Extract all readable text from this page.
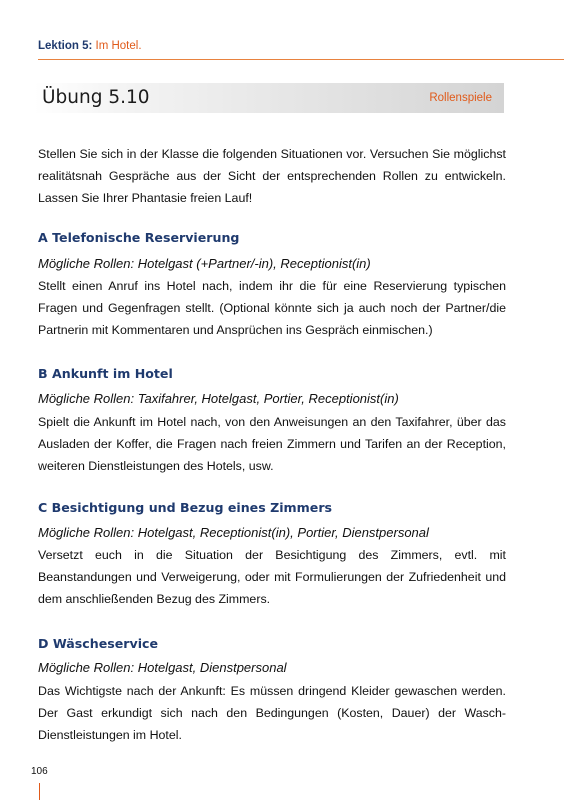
Lektion 5: Im Hotel.
Übung 5.10	Rollenspiele

Stellen Sie sich in der Klasse die folgenden Situationen vor. Versuchen Sie möglichst realitätsnah Gespräche aus der Sicht der entsprechenden Rollen zu entwickeln. Lassen Sie Ihrer Phantasie freien Lauf!

A Telefonische Reservierung

Mögliche Rollen: Hotelgast (+Partner/-in), Receptionist(in)

Stellt einen Anruf ins Hotel nach, indem ihr die für eine Reservierung typischen Fragen und Gegenfragen stellt. (Optional könnte sich ja auch noch der Partner/die Partnerin mit Kommentaren und Ansprüchen ins Gespräch einmischen.)

B Ankunft im Hotel

Mögliche Rollen: Taxifahrer, Hotelgast, Portier, Receptionist(in)

Spielt die Ankunft im Hotel nach, von den Anweisungen an den Taxifahrer, über das Ausladen der Koffer, die Fragen nach freien Zimmern und Tarifen an der Reception, weiteren Dienstleistungen des Hotels, usw.

C Besichtigung und Bezug eines Zimmers

Mögliche Rollen: Hotelgast, Receptionist(in), Portier, Dienstpersonal

Versetzt euch in die Situation der Besichtigung des Zimmers, evtl. mit Beanstandungen und Verweigerung, oder mit Formulierungen der Zufriedenheit und dem anschließenden Bezug des Zimmers.

D Wäscheservice

Mögliche Rollen: Hotelgast, Dienstpersonal

Das Wichtigste nach der Ankunft: Es müssen dringend Kleider gewaschen werden. Der Gast erkundigt sich nach den Bedingungen (Kosten, Dauer) der Wasch-Dienstleistungen im Hotel.

106
